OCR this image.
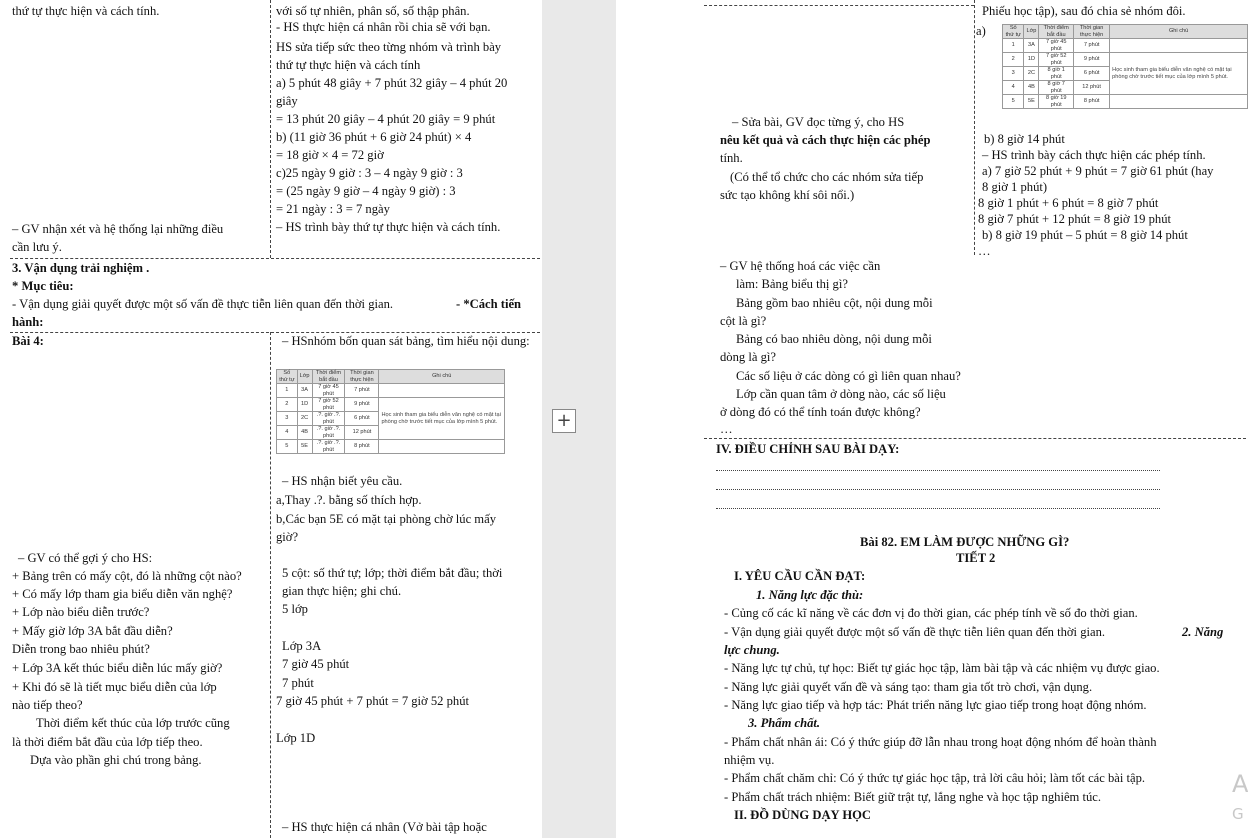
thứ tự thực hiện và cách tính.	với số tự nhiên, phân số, số thập phân.
- HS thực hiện cá nhân rồi chia sẽ với bạn.
HS sửa tiếp sức theo từng nhóm và trình bày
thứ tự thực hiện và cách tính
a) 5 phút 48 giây + 7 phút 32 giây – 4 phút 20
giây
= 13 phút 20 giây – 4 phút 20 giây = 9 phút
b) (11 giờ 36 phút + 6 giờ 24 phút) × 4
= 18 giờ × 4 = 72 giờ
c)25 ngày 9 giờ : 3 – 4 ngày 9 giờ : 3
= (25 ngày 9 giờ – 4 ngày 9 giờ) : 3
= 21 ngày : 3 = 7 ngày
– HS trình bày thứ tự thực hiện và cách tính.
– GV nhận xét và hệ thống lại những điều
cần lưu ý.
3. Vận dụng trải nghiệm .
* Mục tiêu:
- Vận dụng giải quyết được một số vấn đề thực tiễn liên quan đến thời gian.	- *Cách tiến
hành:
Bài 4:	– HSnhóm bốn quan sát bảng, tìm hiểu nội dung:
Số thứ tự	Lớp	Thời điểm bắt đầu	Thời gian thực hiện	Ghi chú
1	3A	7 giờ 45 phút	7 phút	
2	1D	7 giờ 52 phút	9 phút	Học sinh tham gia biểu diễn văn nghệ có mặt tại phòng chờ trước tiết mục của lớp mình 5 phút.
3	2C	.?. giờ .?. phút	6 phút	
4	4B	.?. giờ .?. phút	12 phút	
5	5E	.?. giờ .?. phút	8 phút	
– HS nhận biết yêu cầu.
a,Thay .?. bằng số thích hợp.
b,Các bạn 5E có mặt tại phòng chờ lúc mấy
giờ?
– GV có thể gợi ý cho HS:
+ Bảng trên có mấy cột, đó là những cột nào?
+ Có mấy lớp tham gia biểu diễn văn nghệ?
+ Lớp nào biểu diễn trước?
+ Mấy giờ lớp 3A bắt đầu diễn?
Diễn trong bao nhiêu phút?
+ Lớp 3A kết thúc biểu diễn lúc mấy giờ?
+ Khi đó sẽ là tiết mục biểu diễn của lớp
nào tiếp theo?
Thời điểm kết thúc của lớp trước cũng
là thời điểm bắt đầu của lớp tiếp theo.
Dựa vào phần ghi chú trong bảng.
5 cột: số thứ tự; lớp; thời điểm bắt đầu; thời
gian thực hiện; ghi chú.
5 lớp
Lớp 3A
7 giờ 45 phút
7 phút
7 giờ 45 phút + 7 phút = 7 giờ 52 phút
Lớp 1D
– HS thực hiện cá nhân (Vở bài tập hoặc
+
Phiếu học tập), sau đó chia sẻ nhóm đôi.
a)	Số thứ tự	Lớp	Thời điểm bắt đầu	Thời gian thực hiện	Ghi chú
1	3A	7 giờ 45 phút	7 phút	
2	1D	7 giờ 52 phút	9 phút	Học sinh tham gia biểu diễn văn nghệ có mặt tại phòng chờ trước tiết mục của lớp mình 5 phút.
3	2C	8 giờ 1 phút	6 phút	
4	4B	8 giờ 7 phút	12 phút	
5	5E	8 giờ 19 phút	8 phút	
– Sửa bài, GV đọc từng ý, cho HS
nêu kết quả và cách thực hiện các phép
tính.
(Có thể tổ chức cho các nhóm sửa tiếp
sức tạo không khí sôi nổi.)
b) 8 giờ 14 phút
– HS trình bày cách thực hiện các phép tính.
a) 7 giờ 52 phút + 9 phút = 7 giờ 61 phút (hay
8 giờ 1 phút)
8 giờ 1 phút + 6 phút = 8 giờ 7 phút
8 giờ 7 phút + 12 phút = 8 giờ 19 phút
b) 8 giờ 19 phút – 5 phút = 8 giờ 14 phút
…
– GV hệ thống hoá các việc cần
làm: Bảng biểu thị gì?
Bảng gồm bao nhiêu cột, nội dung mỗi
cột là gì?
Bảng có bao nhiêu dòng, nội dung mỗi
dòng là gì?
Các số liệu ở các dòng có gì liên quan nhau?
Lớp cần quan tâm ở dòng nào, các số liệu
ở dòng đó có thể tính toán được không?
…
IV. ĐIỀU CHỈNH SAU BÀI DẠY:
Bài 82. EM LÀM ĐƯỢC NHỮNG GÌ?
TIẾT 2
I. YÊU CẦU CẦN ĐẠT:
1. Năng lực đặc thù:
- Củng cố các kĩ năng về các đơn vị đo thời gian, các phép tính về số đo thời gian.
- Vận dụng giải quyết được một số vấn đề thực tiễn liên quan đến thời gian.	2. Năng
lực chung.
- Năng lực tự chủ, tự học: Biết tự giác học tập, làm bài tập và các nhiệm vụ được giao.
- Năng lực giải quyết vấn đề và sáng tạo: tham gia tốt trò chơi, vận dụng.
- Năng lực giao tiếp và hợp tác: Phát triển năng lực giao tiếp trong hoạt động nhóm.
3. Phẩm chất.
- Phẩm chất nhân ái: Có ý thức giúp đỡ lẫn nhau trong hoạt động nhóm để hoàn thành
nhiệm vụ.
- Phẩm chất chăm chỉ: Có ý thức tự giác học tập, trả lời câu hỏi; làm tốt các bài tập.
- Phẩm chất trách nhiệm: Biết giữ trật tự, lắng nghe và học tập nghiêm túc.
II. ĐỒ DÙNG DẠY HỌC
A
G
